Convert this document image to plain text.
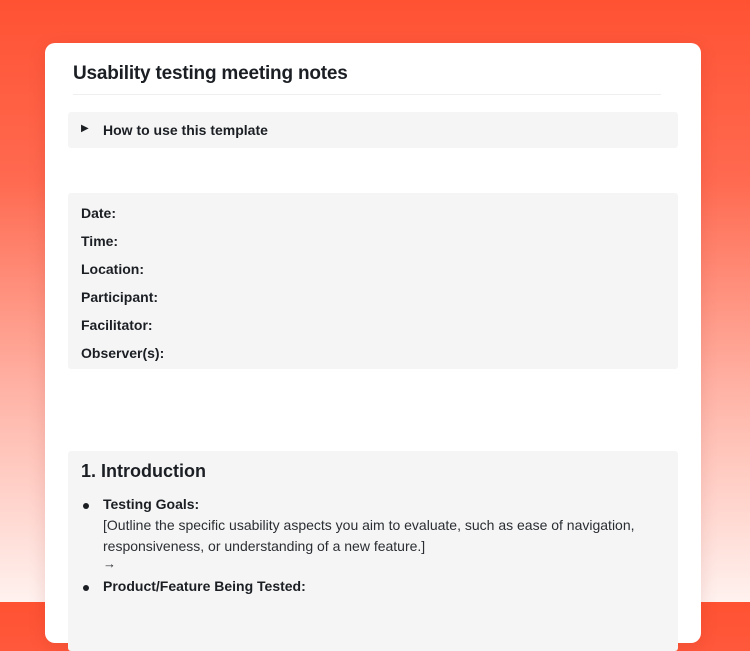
Usability testing meeting notes
▶ How to use this template
Date:
Time:
Location:
Participant:
Facilitator:
Observer(s):
1. Introduction
Testing Goals:
[Outline the specific usability aspects you aim to evaluate, such as ease of navigation, responsiveness, or understanding of a new feature.]
→
Product/Feature Being Tested:
